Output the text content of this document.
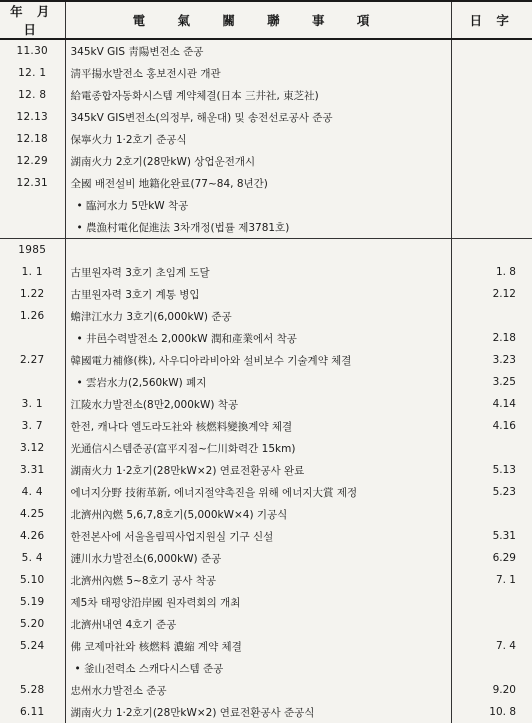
年 月 日	電 氣 關 聯 事 項	日 字
11.30	345kV GIS 靑陽변전소 준공	
12. 1	淸平揚水발전소 홍보전시관 개관	
12. 8	給電종합자동화시스템 계약체결(日本 三井社, 東芝社)	
12.13	345kV GIS변전소(의정부, 해운대) 및 송전선로공사 준공	
12.18	保寧火力 1·2호기 준공식	
12.29	湖南火力 2호기(28만kW) 상업운전개시	
12.31	全國 배전설비 地籍化완료(77~84, 8년간)	
	• 臨河水力 5만kW 착공	
	• 農漁村電化促進法 3차개정(법률 제3781호)	
1985		
1. 1	古里원자력 3호기 초임계 도달	1. 8
1.22	古里원자력 3호기 계통 병입	2.12
1.26	蟾津江水力 3호기(6,000kW) 준공	
	• 井邑수력발전소 2,000kW 潤和產業에서 착공	2.18
2.27	韓國電力補修(株), 사우디아라비아와 설비보수 기술계약 체결	3.23
	• 雲岩水力(2,560kW) 폐지	3.25
3. 1	江陵水力발전소(8만2,000kW) 착공	4.14
3. 7	한전, 캐나다 엘도라도社와 核燃料變換계약 체결	4.16
3.12	光通信시스템준공(富平지점~仁川화력간 15km)	
3.31	湖南火力 1·2호기(28만kW×2) 연료전환공사 완료	5.13
4. 4	에너지分野 技術革新, 에너지절약촉진을 위해 에너지大賞 제정	5.23
4.25	北濟州內燃 5,6,7,8호기(5,000kW×4) 기공식	
4.26	한전본사에 서울올림픽사업지원실 기구 신설	5.31
5. 4	漣川水力발전소(6,000kW) 준공	6.29
5.10	北濟州內燃 5~8호기 공사 착공	7. 1
5.19	제5차 태평양沿岸國 원자력회의 개최	
5.20	北濟州내연 4호기 준공	
5.24	佛 코제마社와 核燃料 濃縮 계약 체결	7. 4
	• 釜山전력소 스캐다시스템 준공	
5.28	忠州水力발전소 준공	9.20
6.11	湖南火力 1·2호기(28만kW×2) 연료전환공사 준공식	10. 8
